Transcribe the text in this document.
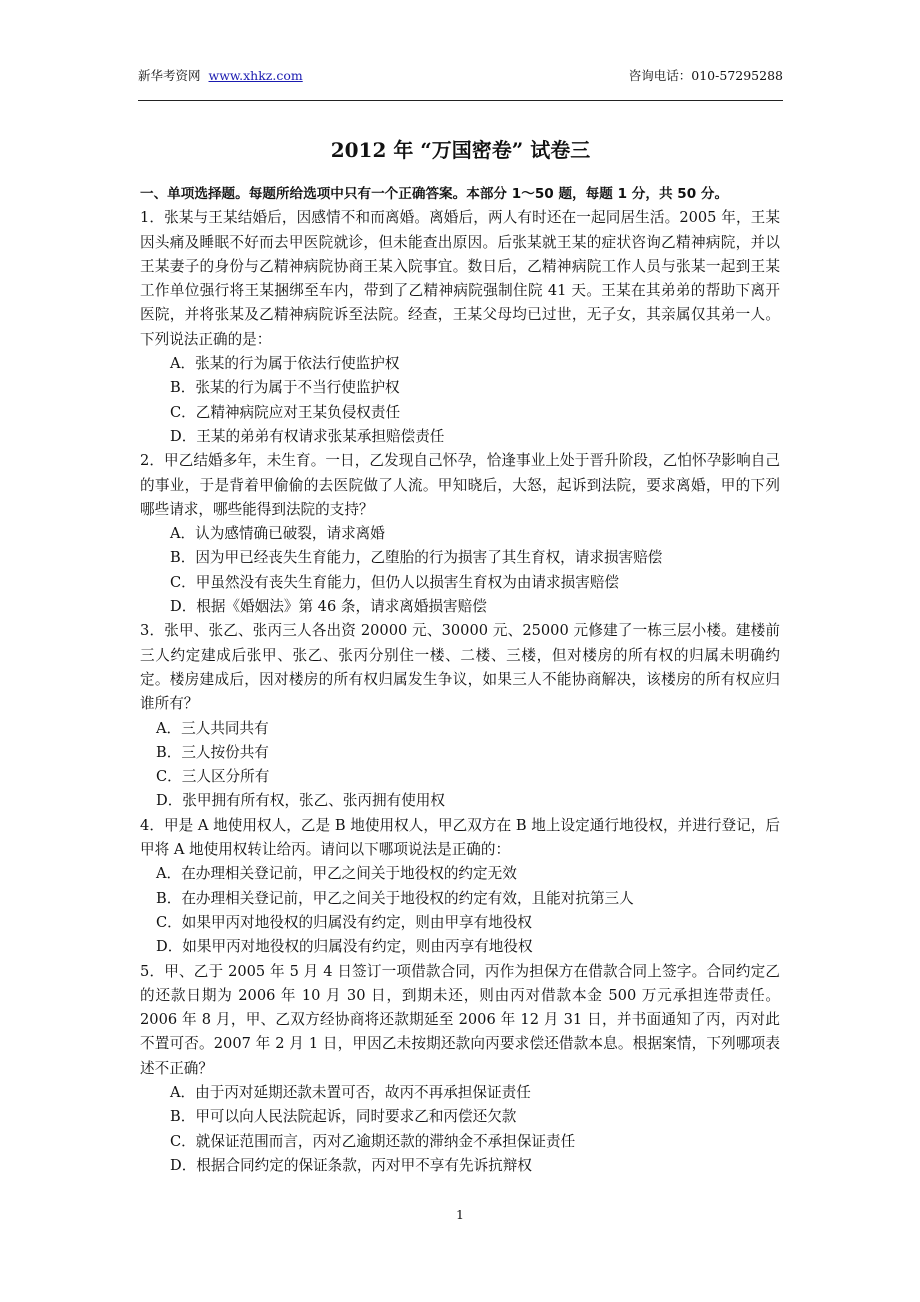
新华考资网 www.xhkz.com	咨询电话：010-57295288
2012 年 “万国密卷” 试卷三
一、单项选择题。每题所给选项中只有一个正确答案。本部分 1～50 题，每题 1 分，共 50 分。
1．张某与王某结婚后，因感情不和而离婚。离婚后，两人有时还在一起同居生活。2005 年，王某因头痛及睡眠不好而去甲医院就诊，但未能查出原因。后张某就王某的症状咨询乙精神病院，并以王某妻子的身份与乙精神病院协商王某入院事宜。数日后，乙精神病院工作人员与张某一起到王某工作单位强行将王某捆绑至车内，带到了乙精神病院强制住院 41 天。王某在其弟弟的帮助下离开医院，并将张某及乙精神病院诉至法院。经查，王某父母均已过世，无子女，其亲属仅其弟一人。下列说法正确的是：
A．张某的行为属于依法行使监护权
B．张某的行为属于不当行使监护权
C．乙精神病院应对王某负侵权责任
D．王某的弟弟有权请求张某承担赔偿责任
2．甲乙结婚多年，未生育。一日，乙发现自己怀孕，恰逢事业上处于晋升阶段，乙怕怀孕影响自己的事业，于是背着甲偷偷的去医院做了人流。甲知晓后，大怒，起诉到法院，要求离婚，甲的下列哪些请求，哪些能得到法院的支持？
A．认为感情确已破裂，请求离婚
B．因为甲已经丧失生育能力，乙堕胎的行为损害了其生育权，请求损害赔偿
C．甲虽然没有丧失生育能力，但仍人以损害生育权为由请求损害赔偿
D．根据《婚姻法》第 46 条，请求离婚损害赔偿
3．张甲、张乙、张丙三人各出资 20000 元、30000 元、25000 元修建了一栋三层小楼。建楼前三人约定建成后张甲、张乙、张丙分别住一楼、二楼、三楼，但对楼房的所有权的归属未明确约定。楼房建成后，因对楼房的所有权归属发生争议，如果三人不能协商解决，该楼房的所有权应归谁所有？
A．三人共同共有
B．三人按份共有
C．三人区分所有
D．张甲拥有所有权，张乙、张丙拥有使用权
4．甲是 A 地使用权人，乙是 B 地使用权人，甲乙双方在 B 地上设定通行地役权，并进行登记，后甲将 A 地使用权转让给丙。请问以下哪项说法是正确的：
A．在办理相关登记前，甲乙之间关于地役权的约定无效
B．在办理相关登记前，甲乙之间关于地役权的约定有效，且能对抗第三人
C．如果甲丙对地役权的归属没有约定，则由甲享有地役权
D．如果甲丙对地役权的归属没有约定，则由丙享有地役权
5．甲、乙于 2005 年 5 月 4 日签订一项借款合同，丙作为担保方在借款合同上签字。合同约定乙的还款日期为 2006 年 10 月 30 日，到期未还，则由丙对借款本金 500 万元承担连带责任。2006 年 8 月，甲、乙双方经协商将还款期延至 2006 年 12 月 31 日，并书面通知了丙，丙对此不置可否。2007 年 2 月 1 日，甲因乙未按期还款向丙要求偿还借款本息。根据案情，下列哪项表述不正确？
A．由于丙对延期还款未置可否，故丙不再承担保证责任
B．甲可以向人民法院起诉，同时要求乙和丙偿还欠款
C．就保证范围而言，丙对乙逾期还款的滞纳金不承担保证责任
D．根据合同约定的保证条款，丙对甲不享有先诉抗辩权
1
